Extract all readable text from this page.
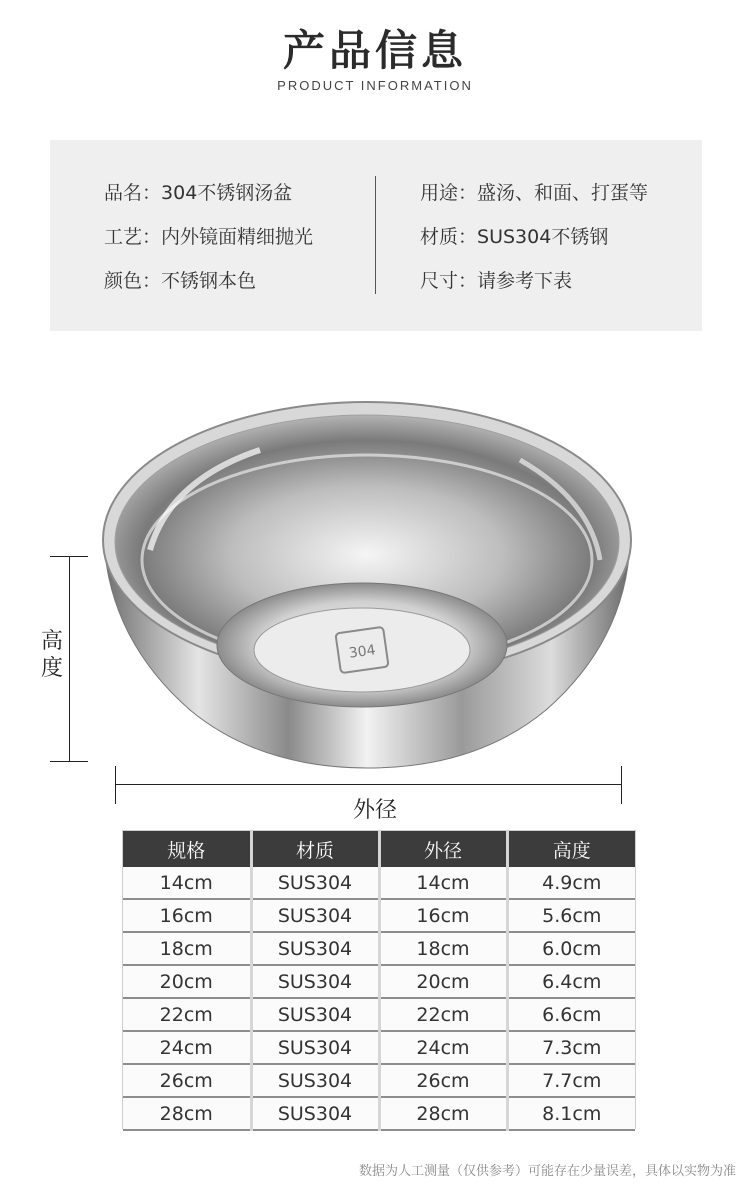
产品信息
PRODUCT INFORMATION
品名：304不锈钢汤盆
工艺：内外镜面精细抛光
颜色：不锈钢本色
用途：盛汤、和面、打蛋等
材质：SUS304不锈钢
尺寸：请参考下表
304
高度
外径
规格	材质	外径	高度
14cm	SUS304	14cm	4.9cm
16cm	SUS304	16cm	5.6cm
18cm	SUS304	18cm	6.0cm
20cm	SUS304	20cm	6.4cm
22cm	SUS304	22cm	6.6cm
24cm	SUS304	24cm	7.3cm
26cm	SUS304	26cm	7.7cm
28cm	SUS304	28cm	8.1cm
数据为人工测量（仅供参考）可能存在少量误差，具体以实物为准
